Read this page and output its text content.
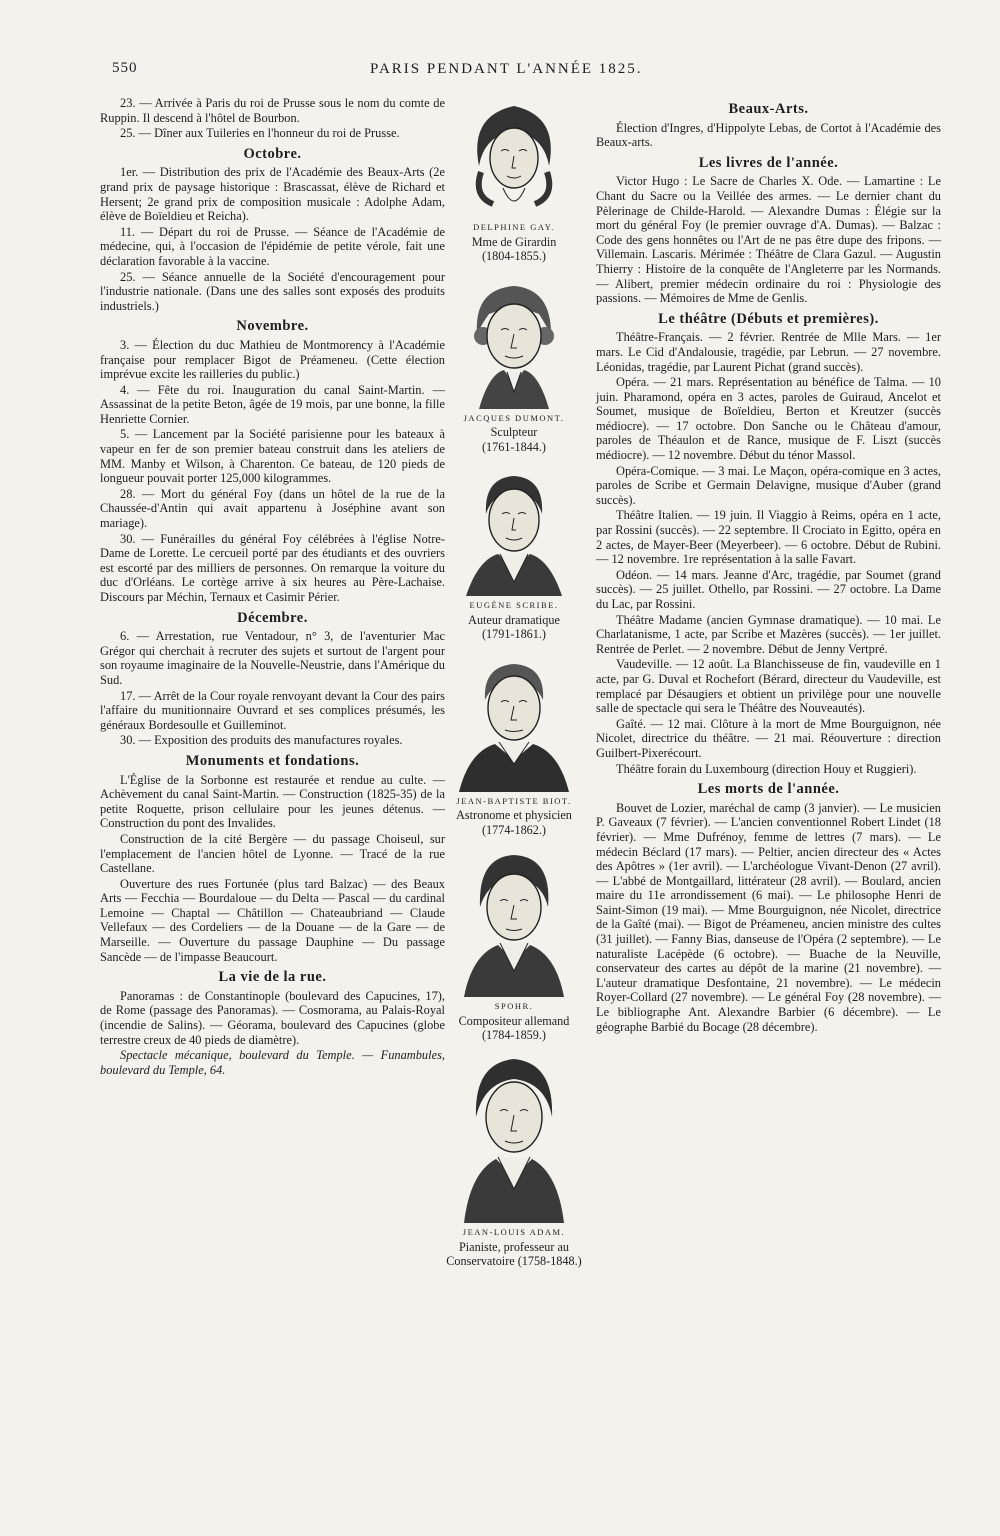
550	PARIS PENDANT L'ANNÉE 1825.

23. — Arrivée à Paris du roi de Prusse sous le nom du comte de Ruppin. Il descend à l'hôtel de Bourbon.

25. — Dîner aux Tuileries en l'honneur du roi de Prusse.

Octobre.

1er. — Distribution des prix de l'Académie des Beaux-Arts (2e grand prix de paysage historique : Brascassat, élève de Richard et Hersent; 2e grand prix de composition musicale : Adolphe Adam, élève de Boïeldieu et Reicha).

11. — Départ du roi de Prusse. — Séance de l'Académie de médecine, qui, à l'occasion de l'épidémie de petite vérole, fait une déclaration favorable à la vaccine.

25. — Séance annuelle de la Société d'encouragement pour l'industrie nationale. (Dans une des salles sont exposés des produits industriels.)

Novembre.

3. — Élection du duc Mathieu de Montmorency à l'Académie française pour remplacer Bigot de Préameneu. (Cette élection imprévue excite les railleries du public.)

4. — Fête du roi. Inauguration du canal Saint-Martin. — Assassinat de la petite Beton, âgée de 19 mois, par une bonne, la fille Henriette Cornier.

5. — Lancement par la Société parisienne pour les bateaux à vapeur en fer de son premier bateau construit dans les ateliers de MM. Manby et Wilson, à Charenton. Ce bateau, de 120 pieds de longueur pouvait porter 125,000 kilogrammes.

28. — Mort du général Foy (dans un hôtel de la rue de la Chaussée-d'Antin qui avait appartenu à Joséphine avant son mariage).

30. — Funérailles du général Foy célébrées à l'église Notre-Dame de Lorette. Le cercueil porté par des étudiants et des ouvriers est escorté par des milliers de personnes. On remarque la voiture du duc d'Orléans. Le cortège arrive à six heures au Père-Lachaise. Discours par Méchin, Ternaux et Casimir Périer.

Décembre.

6. — Arrestation, rue Ventadour, n° 3, de l'aventurier Mac Grégor qui cherchait à recruter des sujets et surtout de l'argent pour son royaume imaginaire de la Nouvelle-Neustrie, dans l'Amérique du Sud.

17. — Arrêt de la Cour royale renvoyant devant la Cour des pairs l'affaire du munitionnaire Ouvrard et ses complices présumés, les généraux Bordesoulle et Guilleminot.

30. — Exposition des produits des manufactures royales.

Monuments et fondations.

L'Église de la Sorbonne est restaurée et rendue au culte. — Achèvement du canal Saint-Martin. — Construction (1825-35) de la petite Roquette, prison cellulaire pour les jeunes détenus. — Construction du pont des Invalides.

Construction de la cité Bergère — du passage Choiseul, sur l'emplacement de l'ancien hôtel de Lyonne. — Tracé de la rue Castellane.

Ouverture des rues Fortunée (plus tard Balzac) — des Beaux Arts — Fecchia — Bourdaloue — du Delta — Pascal — du cardinal Lemoine — Chaptal — Châtillon — Chateaubriand — Claude Vellefaux — des Cordeliers — de la Douane — de la Gare — de Marseille. — Ouverture du passage Dauphine — Du passage Sancède — de l'impasse Beaucourt.

La vie de la rue.

Panoramas : de Constantinople (boulevard des Capucines, 17), de Rome (passage des Panoramas). — Cosmorama, au Palais-Royal (incendie de Salins). — Géorama, boulevard des Capucines (globe terrestre creux de 40 pieds de diamètre).

Spectacle mécanique, boulevard du Temple. — Funambules, boulevard du Temple, 64.

DELPHINE GAY.
Mme de Girardin
(1804-1855.)
JACQUES DUMONT.
Sculpteur
(1761-1844.)
EUGÈNE SCRIBE.
Auteur dramatique
(1791-1861.)
JEAN-BAPTISTE BIOT.
Astronome et physicien
(1774-1862.)
SPOHR.
Compositeur allemand
(1784-1859.)
JEAN-LOUIS ADAM.
Pianiste, professeur au Conservatoire (1758-1848.)
Beaux-Arts.

Élection d'Ingres, d'Hippolyte Lebas, de Cortot à l'Académie des Beaux-arts.

Les livres de l'année.

Victor Hugo : Le Sacre de Charles X. Ode. — Lamartine : Le Chant du Sacre ou la Veillée des armes. — Le dernier chant du Pèlerinage de Childe-Harold. — Alexandre Dumas : Élégie sur la mort du général Foy (le premier ouvrage d'A. Dumas). — Balzac : Code des gens honnêtes ou l'Art de ne pas être dupe des fripons. — Villemain. Lascaris. Mérimée : Théâtre de Clara Gazul. — Augustin Thierry : Histoire de la conquête de l'Angleterre par les Normands. — Alibert, premier médecin ordinaire du roi : Physiologie des passions. — Mémoires de Mme de Genlis.

Le théâtre (Débuts et premières).

Théâtre-Français. — 2 février. Rentrée de Mlle Mars. — 1er mars. Le Cid d'Andalousie, tragédie, par Lebrun. — 27 novembre. Léonidas, tragédie, par Laurent Pichat (grand succès).

Opéra. — 21 mars. Représentation au bénéfice de Talma. — 10 juin. Pharamond, opéra en 3 actes, paroles de Guiraud, Ancelot et Soumet, musique de Boïeldieu, Berton et Kreutzer (succès médiocre). — 17 octobre. Don Sanche ou le Château d'amour, paroles de Théaulon et de Rance, musique de F. Liszt (succès médiocre). — 12 novembre. Début du ténor Massol.

Opéra-Comique. — 3 mai. Le Maçon, opéra-comique en 3 actes, paroles de Scribe et Germain Delavigne, musique d'Auber (grand succès).

Théâtre Italien. — 19 juin. Il Viaggio à Reims, opéra en 1 acte, par Rossini (succès). — 22 septembre. Il Crociato in Egitto, opéra en 2 actes, de Mayer-Beer (Meyerbeer). — 6 octobre. Début de Rubini. — 12 novembre. 1re représentation à la salle Favart.

Odéon. — 14 mars. Jeanne d'Arc, tragédie, par Soumet (grand succès). — 25 juillet. Othello, par Rossini. — 27 octobre. La Dame du Lac, par Rossini.

Théâtre Madame (ancien Gymnase dramatique). — 10 mai. Le Charlatanisme, 1 acte, par Scribe et Mazères (succès). — 1er juillet. Rentrée de Perlet. — 2 novembre. Début de Jenny Vertpré.

Vaudeville. — 12 août. La Blanchisseuse de fin, vaudeville en 1 acte, par G. Duval et Rochefort (Bérard, directeur du Vaudeville, est remplacé par Désaugiers et obtient un privilège pour une nouvelle salle de spectacle qui sera le Théâtre des Nouveautés).

Gaîté. — 12 mai. Clôture à la mort de Mme Bourguignon, née Nicolet, directrice du théâtre. — 21 mai. Réouverture : direction Guilbert-Pixerécourt.

Théâtre forain du Luxembourg (direction Houy et Ruggieri).

Les morts de l'année.

Bouvet de Lozier, maréchal de camp (3 janvier). — Le musicien P. Gaveaux (7 février). — L'ancien conventionnel Robert Lindet (18 février). — Mme Dufrénoy, femme de lettres (7 mars). — Le médecin Béclard (17 mars). — Peltier, ancien directeur des « Actes des Apôtres » (1er avril). — L'archéologue Vivant-Denon (27 avril). — L'abbé de Montgaillard, littérateur (28 avril). — Boulard, ancien maire du 11e arrondissement (6 mai). — Le philosophe Henri de Saint-Simon (19 mai). — Mme Bourguignon, née Nicolet, directrice de la Gaîté (mai). — Bigot de Préameneu, ancien ministre des cultes (31 juillet). — Fanny Bias, danseuse de l'Opéra (2 septembre). — Le naturaliste Lacépède (6 octobre). — Buache de la Neuville, conservateur des cartes au dépôt de la marine (21 novembre). — L'auteur dramatique Desfontaine, 21 novembre). — Le médecin Royer-Collard (27 novembre). — Le général Foy (28 novembre). — Le bibliographe Ant. Alexandre Barbier (6 décembre). — Le géographe Barbié du Bocage (28 décembre).
